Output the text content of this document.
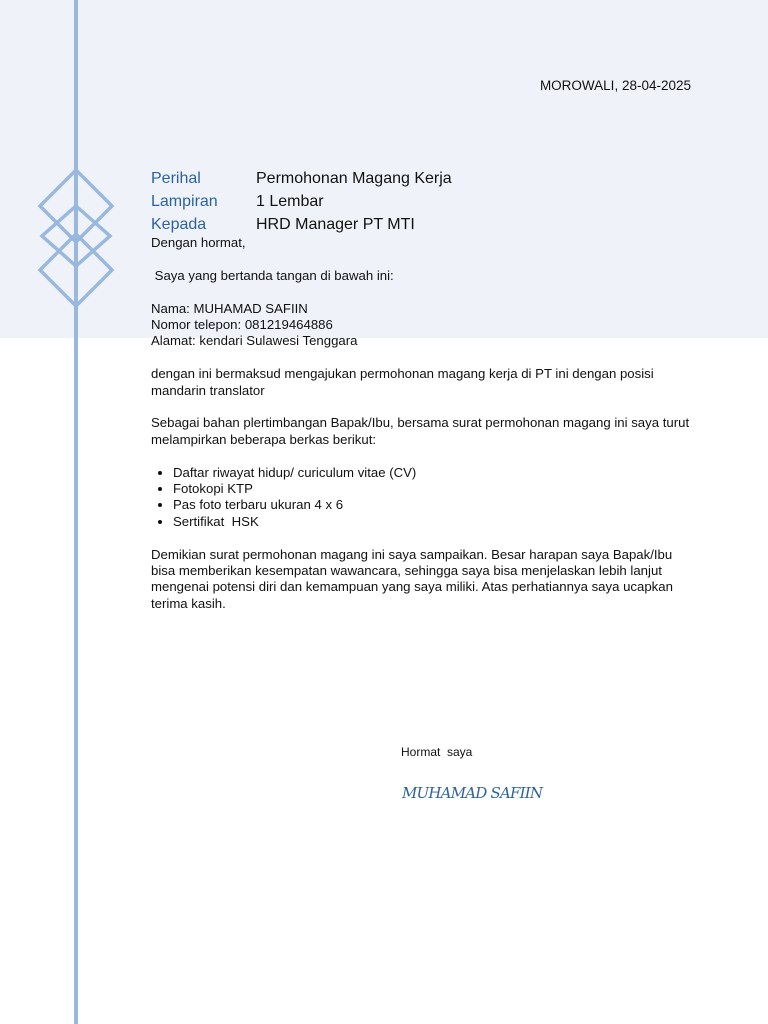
MOROWALI, 28-04-2025
Perihal	Permohonan Magang Kerja
Lampiran	1 Lembar
Kepada	HRD Manager PT MTI

Dengan hormat,

Saya yang bertanda tangan di bawah ini:

Nama: MUHAMAD SAFIIN

Nomor telepon: 081219464886

Alamat: kendari Sulawesi Tenggara

dengan ini bermaksud mengajukan permohonan magang kerja di PT ini dengan posisi mandarin translator

Sebagai bahan plertimbangan Bapak/Ibu, bersama surat permohonan magang ini saya turut melampirkan beberapa berkas berikut:

• Daftar riwayat hidup/ curiculum vitae (CV)
• Fotokopi KTP
• Pas foto terbaru ukuran 4 x 6
• Sertifikat  HSK

Demikian surat permohonan magang ini saya sampaikan. Besar harapan saya Bapak/Ibu bisa memberikan kesempatan wawancara, sehingga saya bisa menjelaskan lebih lanjut mengenai potensi diri dan kemampuan yang saya miliki. Atas perhatiannya saya ucapkan terima kasih.

Hormat  saya
MUHAMAD SAFIIN
